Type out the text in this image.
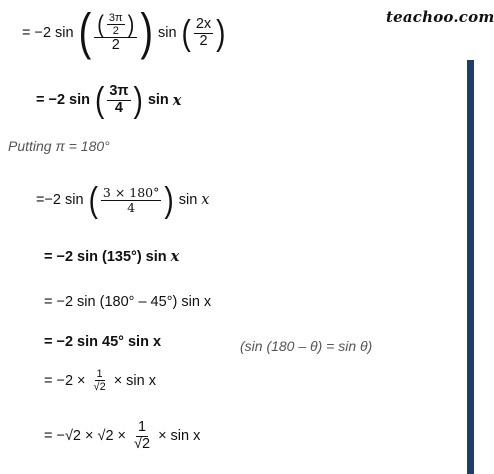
teachoo.com
= −2 sin ( $\frac{( \frac{3\pi}{2} )}{2}$ ) sin ( $\frac{2x}{2}$ )
= −2 sin ( $\frac{3\pi}{4}$ ) sin x
Putting π = 180°
=−2 sin ( $\frac{3 \times 180^\circ}{4}$ ) sin x
= −2 sin (135°) sin x
= −2 sin (180° – 45°) sin x
= −2 sin 45° sin x	(sin (180 – θ) = sin θ)
= $-2 \times \frac{1}{√2} \times \sin x$
= $-√2 \times √2 \times \frac{1}{√2} \times \sin x$
